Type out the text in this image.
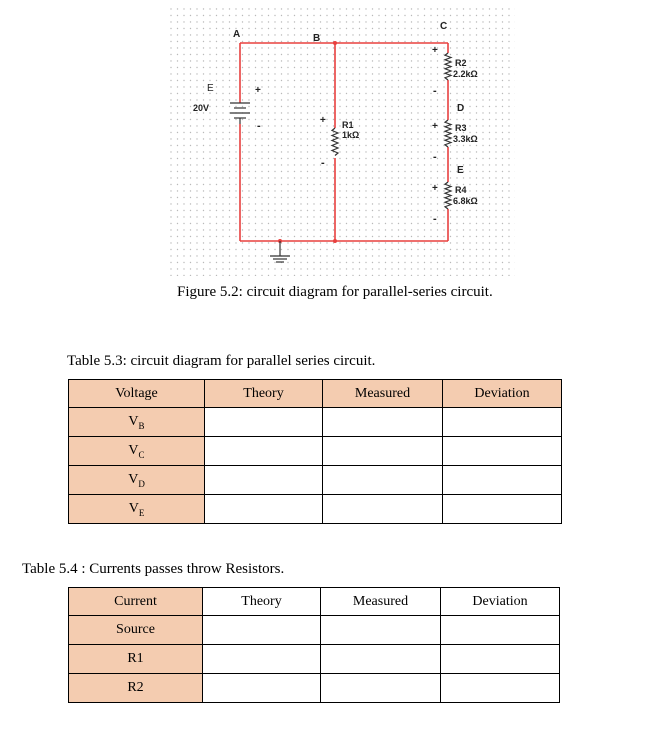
A	B
C
D
E
E
20V
+
-	+
-
R1
1kΩ
+
-
R2
2.2kΩ
+
-
R3
3.3kΩ
+
-
R4
6.8kΩ
Figure 5.2: circuit diagram for parallel-series circuit.
Table 5.3: circuit diagram for parallel series circuit.
Voltage	Theory	Measured	Deviation
$V_B$			
$V_C$			
$V_D$			
$V_E$			
Table 5.4 : Currents passes throw Resistors.
Current	Theory	Measured	Deviation
Source			
R1			
R2			
